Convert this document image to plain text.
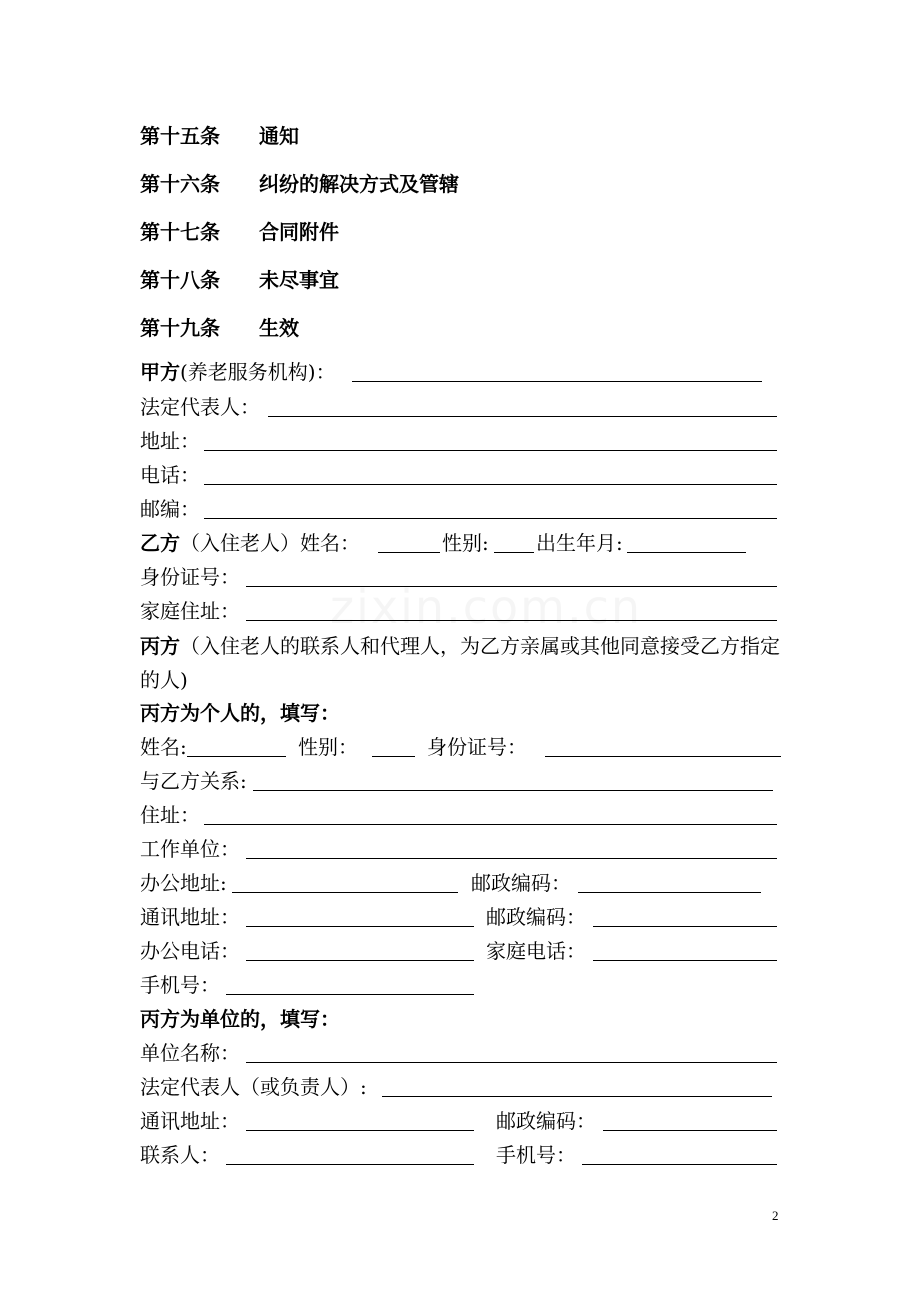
第十五条 通知
第十六条 纠纷的解决方式及管辖
第十七条 合同附件
第十八条 未尽事宜
第十九条 生效
甲方(养老服务机构)：
法定代表人：
地址：
电话：
邮编：
乙方 （入住老人）姓名：	性别: 出生年月:
身份证号：
家庭住址：
丙方（入住老人的联系人和代理人，为乙方亲属或其他同意接受乙方指定的人)
丙方为个人的，填写：
姓名:	性别：	身份证号：
与乙方关系:
住址：
工作单位：
办公地址:	邮政编码：
通讯地址：	邮政编码：
办公电话：	家庭电话：
手机号：
丙方为单位的，填写：
单位名称：
法定代表人（或负责人）:
通讯地址：	邮政编码：
联系人：	手机号：
2
